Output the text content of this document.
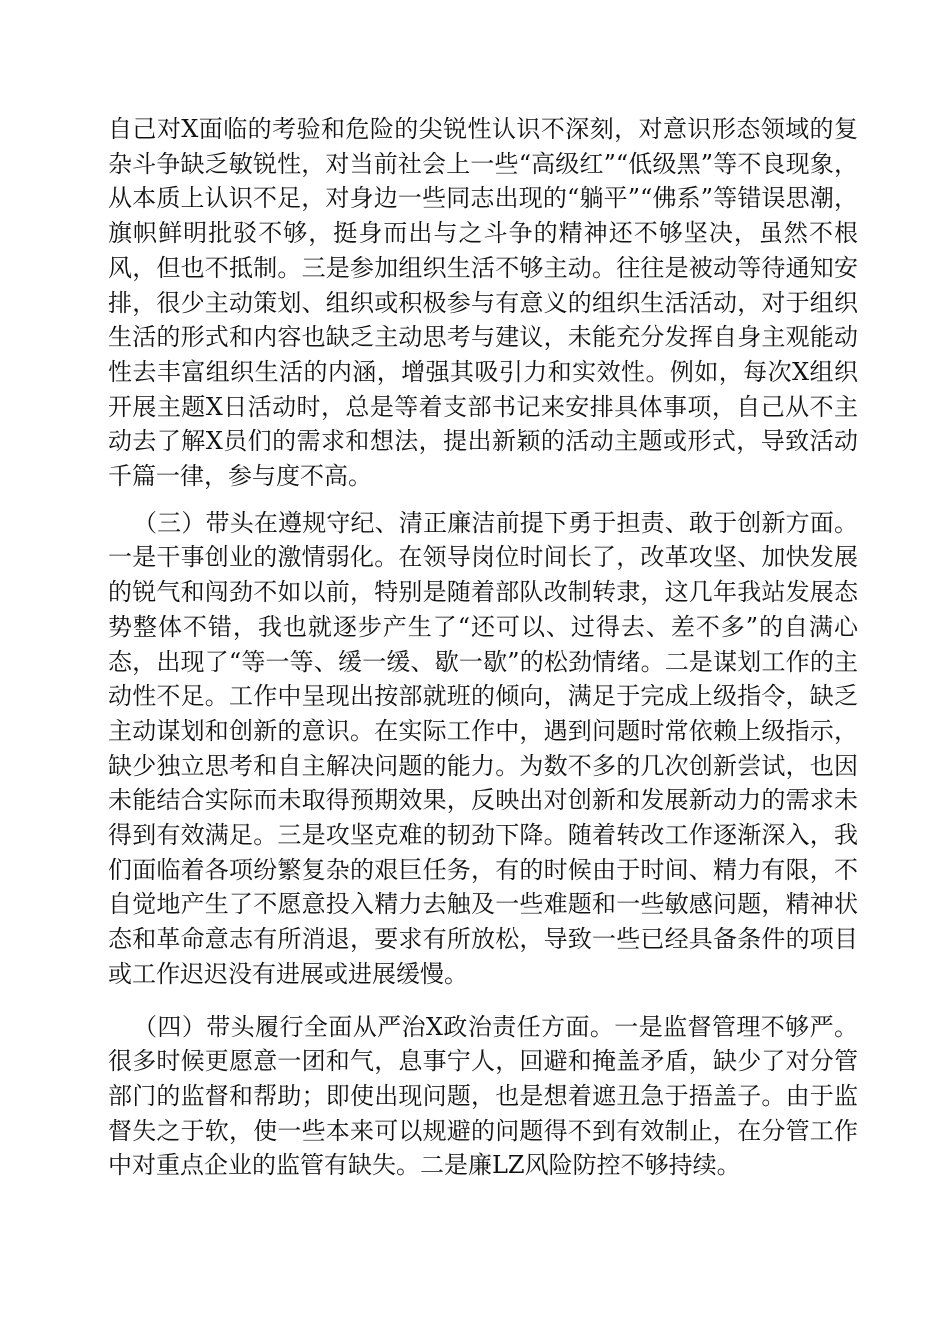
自己对X面临的考验和危险的尖锐性认识不深刻，对意识形态领域的复杂斗争缺乏敏锐性，对当前社会上一些“高级红”“低级黑”等不良现象，从本质上认识不足，对身边一些同志出现的“躺平”“佛系”等错误思潮，旗帜鲜明批驳不够，挺身而出与之斗争的精神还不够坚决，虽然不根风，但也不抵制。三是参加组织生活不够主动。往往是被动等待通知安排，很少主动策划、组织或积极参与有意义的组织生活活动，对于组织生活的形式和内容也缺乏主动思考与建议，未能充分发挥自身主观能动性去丰富组织生活的内涵，增强其吸引力和实效性。例如，每次X组织开展主题X日活动时，总是等着支部书记来安排具体事项，自己从不主动去了解X员们的需求和想法，提出新颖的活动主题或形式，导致活动千篇一律，参与度不高。

（三）带头在遵规守纪、清正廉洁前提下勇于担责、敢于创新方面。一是干事创业的激情弱化。在领导岗位时间长了，改革攻坚、加快发展的锐气和闯劲不如以前，特别是随着部队改制转隶，这几年我站发展态势整体不错，我也就逐步产生了“还可以、过得去、差不多”的自满心态，出现了“等一等、缓一缓、歇一歇”的松劲情绪。二是谋划工作的主动性不足。工作中呈现出按部就班的倾向，满足于完成上级指令，缺乏主动谋划和创新的意识。在实际工作中，遇到问题时常依赖上级指示，缺少独立思考和自主解决问题的能力。为数不多的几次创新尝试，也因未能结合实际而未取得预期效果，反映出对创新和发展新动力的需求未得到有效满足。三是攻坚克难的韧劲下降。随着转改工作逐渐深入，我们面临着各项纷繁复杂的艰巨任务，有的时候由于时间、精力有限，不自觉地产生了不愿意投入精力去触及一些难题和一些敏感问题，精神状态和革命意志有所消退，要求有所放松，导致一些已经具备条件的项目或工作迟迟没有进展或进展缓慢。

（四）带头履行全面从严治X政治责任方面。一是监督管理不够严。很多时候更愿意一团和气，息事宁人，回避和掩盖矛盾，缺少了对分管部门的监督和帮助；即使出现问题，也是想着遮丑急于捂盖子。由于监督失之于软，使一些本来可以规避的问题得不到有效制止，在分管工作中对重点企业的监管有缺失。二是廉LZ风险防控不够持续。
